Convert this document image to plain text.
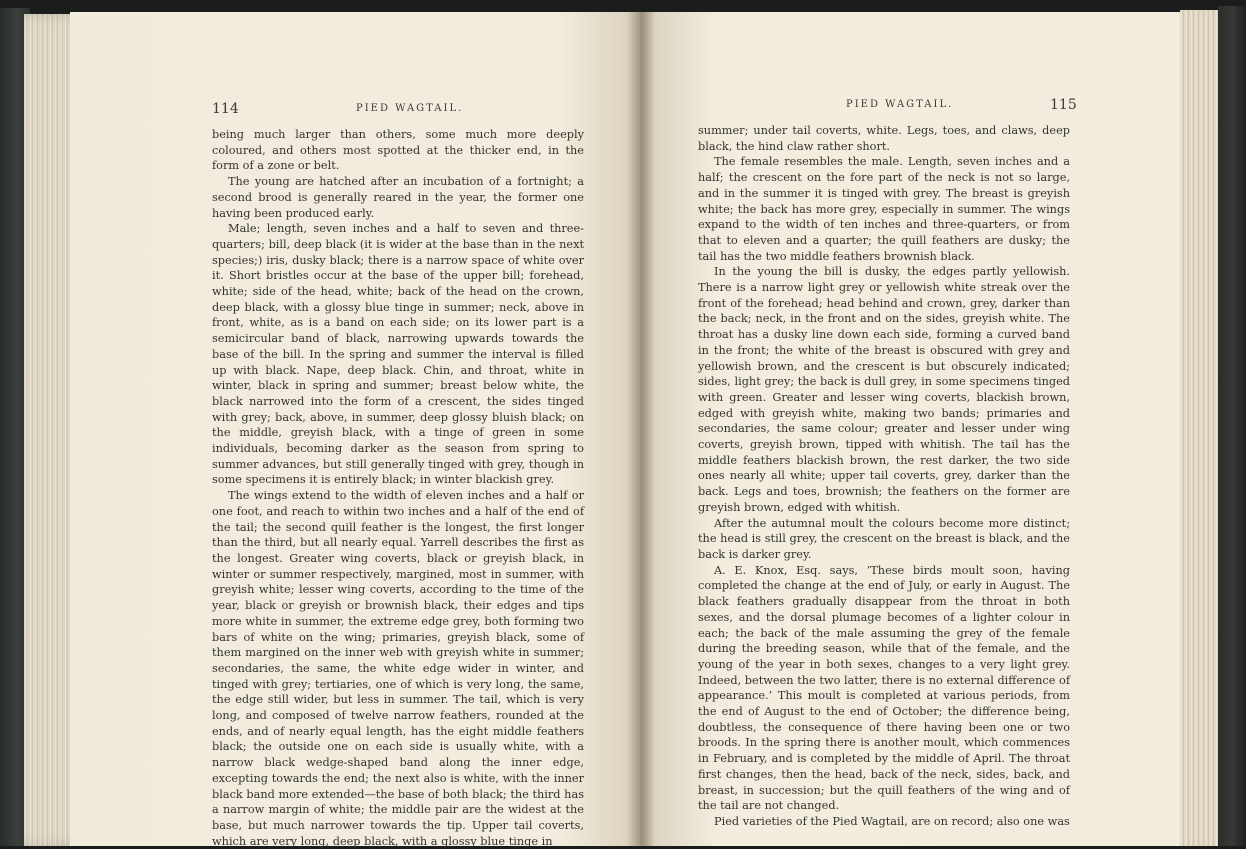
114	PIED WAGTAIL.

being much larger than others, some much more deeply coloured, and others most spotted at the thicker end, in the form of a zone or belt.

The young are hatched after an incubation of a fortnight; a second brood is generally reared in the year, the former one having been produced early.

Male; length, seven inches and a half to seven and three-quarters; bill, deep black (it is wider at the base than in the next species;) iris, dusky black; there is a narrow space of white over it. Short bristles occur at the base of the upper bill; forehead, white; side of the head, white; back of the head on the crown, deep black, with a glossy blue tinge in summer; neck, above in front, white, as is a band on each side; on its lower part is a semicircular band of black, narrowing upwards towards the base of the bill. In the spring and summer the interval is filled up with black. Nape, deep black. Chin, and throat, white in winter, black in spring and summer; breast below white, the black narrowed into the form of a crescent, the sides tinged with grey; back, above, in summer, deep glossy bluish black; on the middle, greyish black, with a tinge of green in some individuals, becoming darker as the season from spring to summer advances, but still generally tinged with grey, though in some specimens it is entirely black; in winter blackish grey.

The wings extend to the width of eleven inches and a half or one foot, and reach to within two inches and a half of the end of the tail; the second quill feather is the longest, the first longer than the third, but all nearly equal. Yarrell describes the first as the longest. Greater wing coverts, black or greyish black, in winter or summer respectively, margined, most in summer, with greyish white; lesser wing coverts, according to the time of the year, black or greyish or brownish black, their edges and tips more white in summer, the extreme edge grey, both forming two bars of white on the wing; primaries, greyish black, some of them margined on the inner web with greyish white in summer; secondaries, the same, the white edge wider in winter, and tinged with grey; tertiaries, one of which is very long, the same, the edge still wider, but less in summer. The tail, which is very long, and composed of twelve narrow feathers, rounded at the ends, and of nearly equal length, has the eight middle feathers black; the outside one on each side is usually white, with a narrow black wedge-shaped band along the inner edge, excepting towards the end; the next also is white, with the inner black band more extended—the base of both black; the third has a narrow margin of white; the middle pair are the widest at the base, but much narrower towards the tip. Upper tail coverts, which are very long, deep black, with a glossy blue tinge in

PIED WAGTAIL.	115

summer; under tail coverts, white. Legs, toes, and claws, deep black, the hind claw rather short.

The female resembles the male. Length, seven inches and a half; the crescent on the fore part of the neck is not so large, and in the summer it is tinged with grey. The breast is greyish white; the back has more grey, especially in summer. The wings expand to the width of ten inches and three-quarters, or from that to eleven and a quarter; the quill feathers are dusky; the tail has the two middle feathers brownish black.

In the young the bill is dusky, the edges partly yellowish. There is a narrow light grey or yellowish white streak over the front of the forehead; head behind and crown, grey, darker than the back; neck, in the front and on the sides, greyish white. The throat has a dusky line down each side, forming a curved band in the front; the white of the breast is obscured with grey and yellowish brown, and the crescent is but obscurely indicated; sides, light grey; the back is dull grey, in some specimens tinged with green. Greater and lesser wing coverts, blackish brown, edged with greyish white, making two bands; primaries and secondaries, the same colour; greater and lesser under wing coverts, greyish brown, tipped with whitish. The tail has the middle feathers blackish brown, the rest darker, the two side ones nearly all white; upper tail coverts, grey, darker than the back. Legs and toes, brownish; the feathers on the former are greyish brown, edged with whitish.

After the autumnal moult the colours become more distinct; the head is still grey, the crescent on the breast is black, and the back is darker grey.

A. E. Knox, Esq. says, ‘These birds moult soon, having completed the change at the end of July, or early in August. The black feathers gradually disappear from the throat in both sexes, and the dorsal plumage becomes of a lighter colour in each; the back of the male assuming the grey of the female during the breeding season, while that of the female, and the young of the year in both sexes, changes to a very light grey. Indeed, between the two latter, there is no external difference of appearance.’ This moult is completed at various periods, from the end of August to the end of October; the difference being, doubtless, the consequence of there having been one or two broods. In the spring there is another moult, which commences in February, and is completed by the middle of April. The throat first changes, then the head, back of the neck, sides, back, and breast, in succession; but the quill feathers of the wing and of the tail are not changed.

Pied varieties of the Pied Wagtail, are on record; also one was
